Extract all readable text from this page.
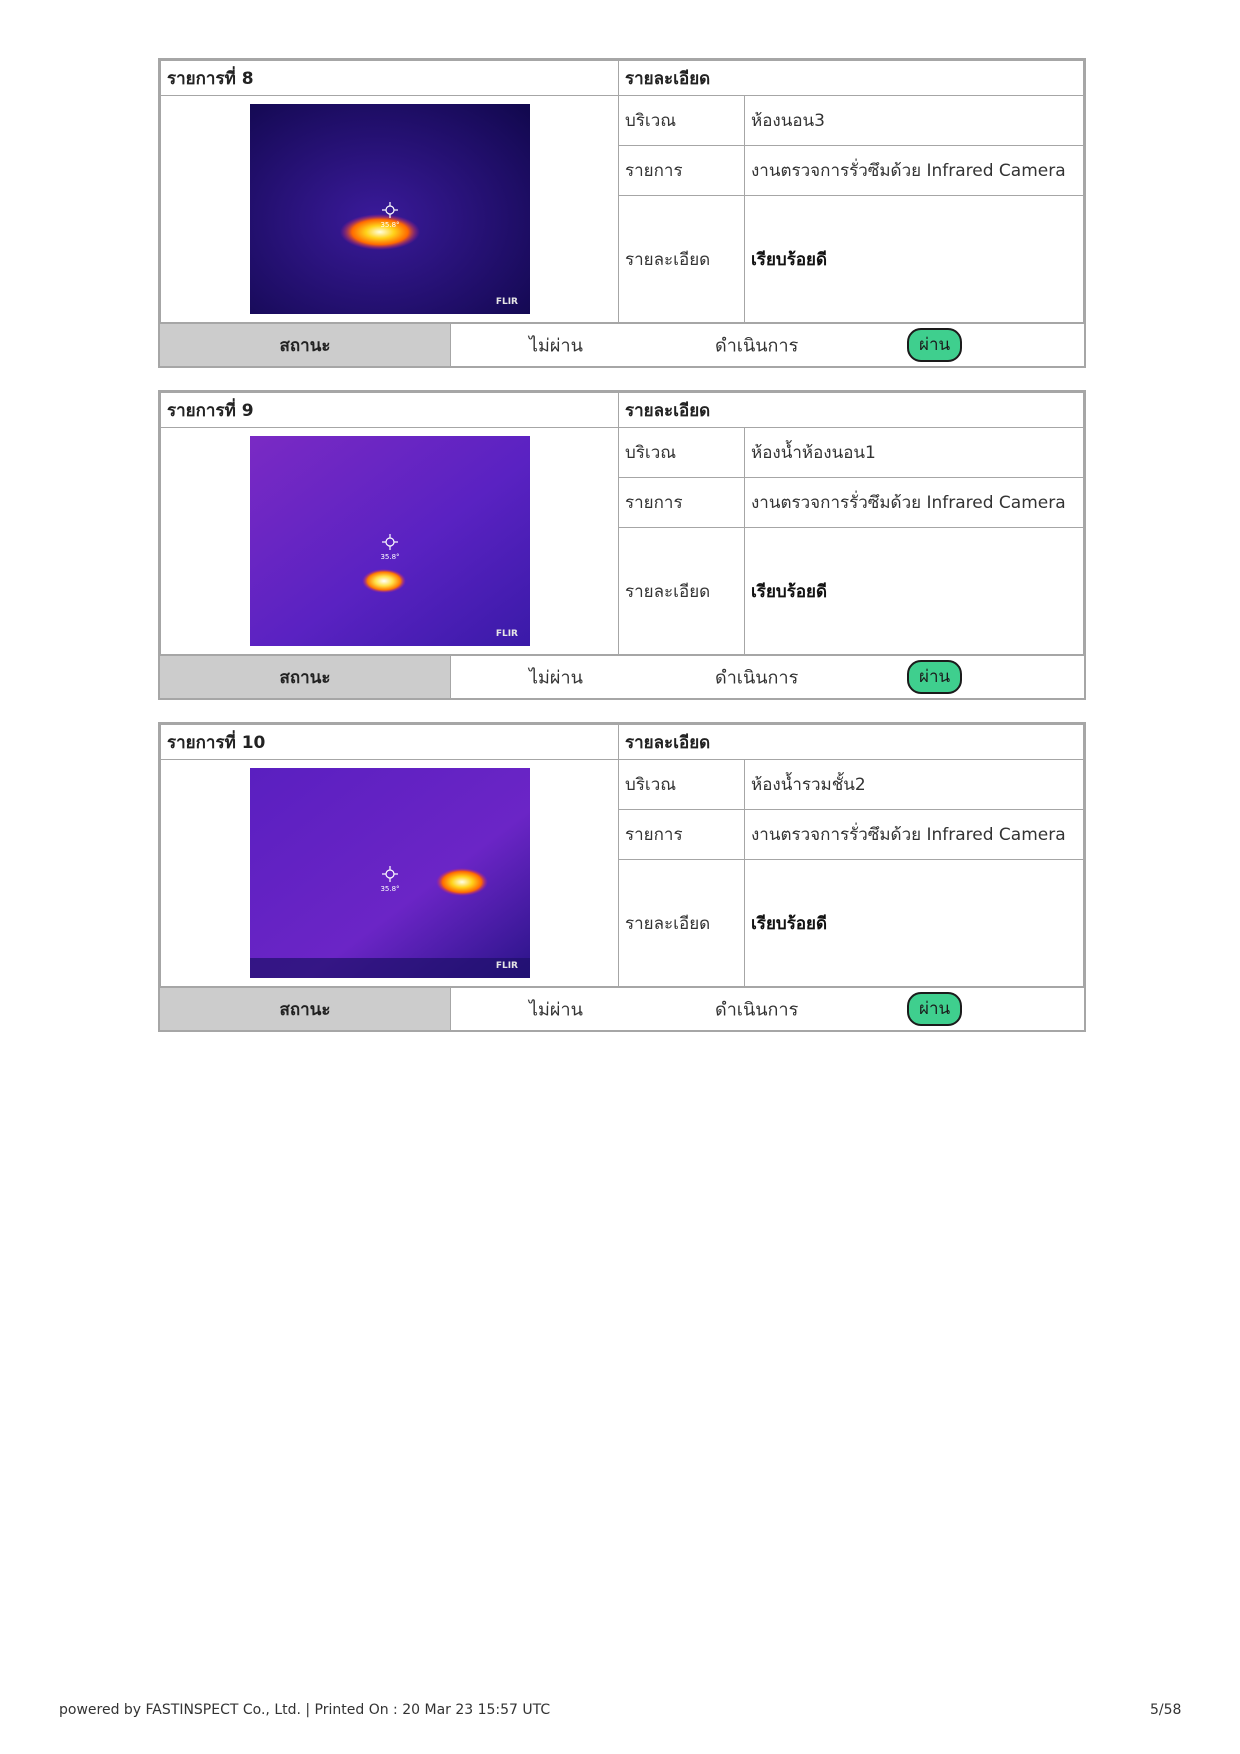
รายการที่ 8	รายละเอียด	

35.8°
FLIR	บริเวณ	ห้องนอน3
	รายการ	งานตรวจการรั่วซึมด้วย Infrared Camera
	รายละเอียด	เรียบร้อยดี
สถานะ	ไม่ผ่าน	ดำเนินการ	ผ่าน
รายการที่ 9	รายละเอียด	

35.8°
FLIR	บริเวณ	ห้องน้ำห้องนอน1
	รายการ	งานตรวจการรั่วซึมด้วย Infrared Camera
	รายละเอียด	เรียบร้อยดี
สถานะ	ไม่ผ่าน	ดำเนินการ	ผ่าน
รายการที่ 10	รายละเอียด	

35.8°
FLIR	บริเวณ	ห้องน้ำรวมชั้น2
	รายการ	งานตรวจการรั่วซึมด้วย Infrared Camera
	รายละเอียด	เรียบร้อยดี
สถานะ	ไม่ผ่าน	ดำเนินการ	ผ่าน
powered by FASTINSPECT Co., Ltd. | Printed On : 20 Mar 23 15:57 UTC	5/58
